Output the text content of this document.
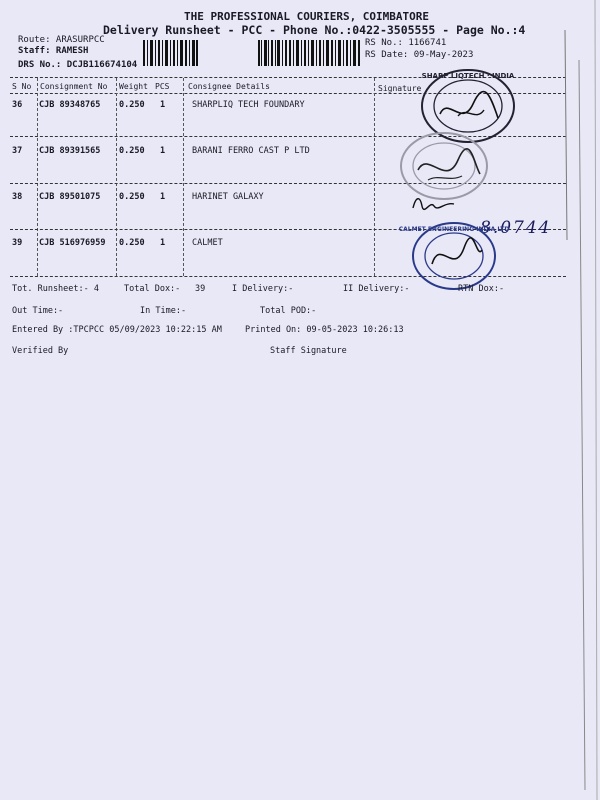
THE PROFESSIONAL COURIERS, COIMBATORE
Delivery Runsheet - PCC - Phone No.:0422-3505555 - Page No.:4
Route: ARASURPCC
Staff: RAMESH
DRS No.: DCJB116674104
RS No.: 1166741
RS Date: 09-May-2023
S No Consignment No Weight PCS Consignee Details	Signature
36 CJB 89348765 0.250 1	SHARPLIQ TECH FOUNDARY
37 CJB 89391565 0.250 1	BARANI FERRO CAST P LTD
38 CJB 89501075 0.250 1	HARINET GALAXY
39 CJB 516976959 0.250 1	CALMET
SHARP LIQTECH · INDIA
8.0744
CALMET ENGINEERING INDIA LTD
Tot. Runsheet:- 4	Total Dox:- 39	I Delivery:-	II Delivery:-	RTN Dox:-
Out Time:-	In Time:-	Total POD:-
Entered By :TPCPCC 05/09/2023 10:22:15 AM	Printed On: 09-05-2023 10:26:13
Verified By	Staff Signature
